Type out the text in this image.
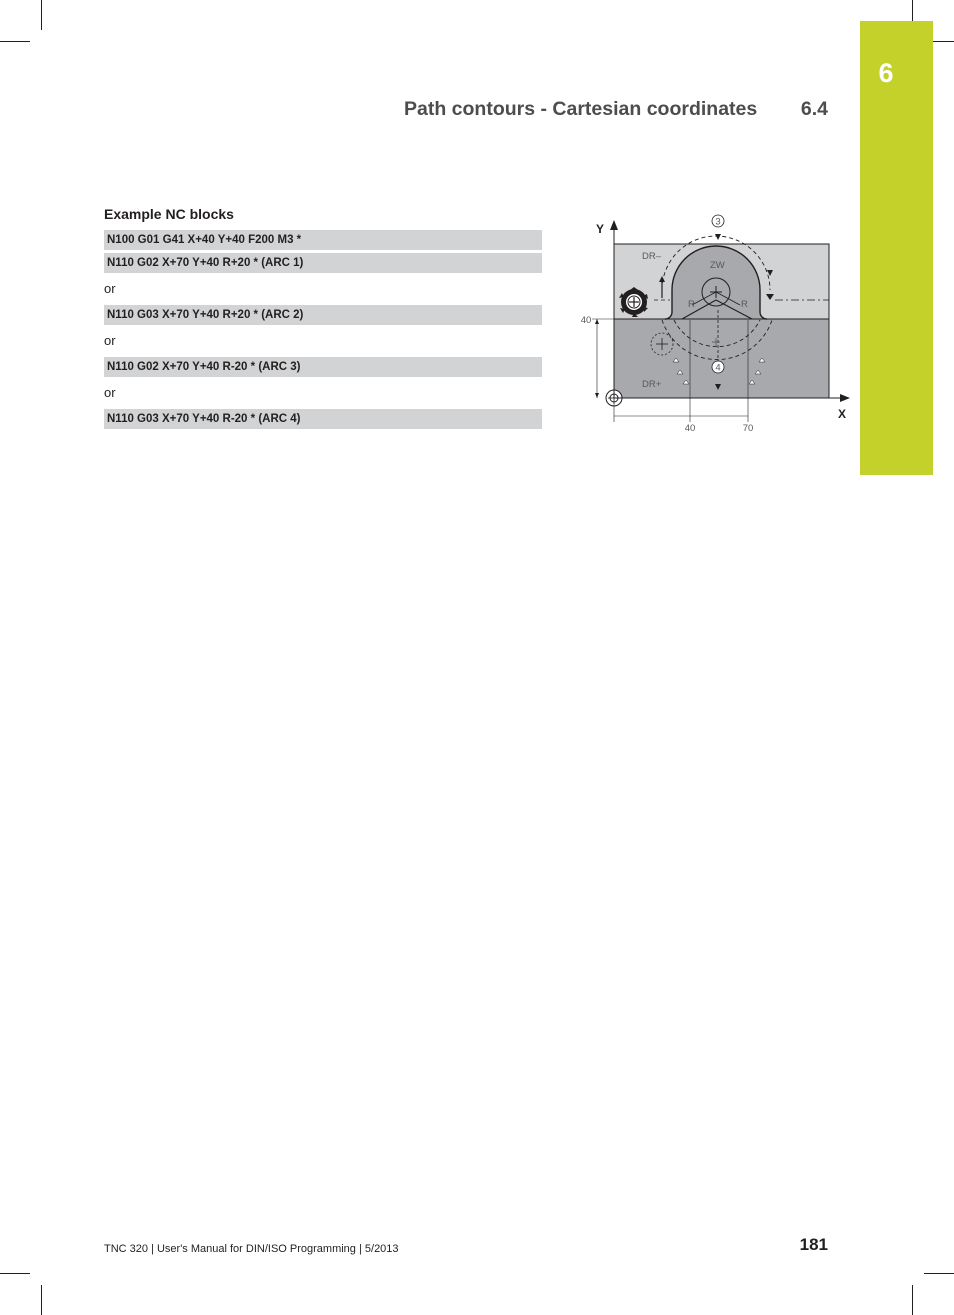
6
Path contours - Cartesian coordinates 6.4
Example NC blocks
N100 G01 G41 X+40 Y+40 F200 M3 *
N110 G02 X+70 Y+40 R+20 * (ARC 1)
or
N110 G03 X+70 Y+40 R+20 * (ARC 2)
or
N110 G02 X+70 Y+40 R-20 * (ARC 3)
or
N110 G03 X+70 Y+40 R-20 * (ARC 4)
3
4
DR–
DR+
ZW
R	R
Y
X
40
40	70
TNC 320 | User's Manual for DIN/ISO Programming | 5/2013	181
